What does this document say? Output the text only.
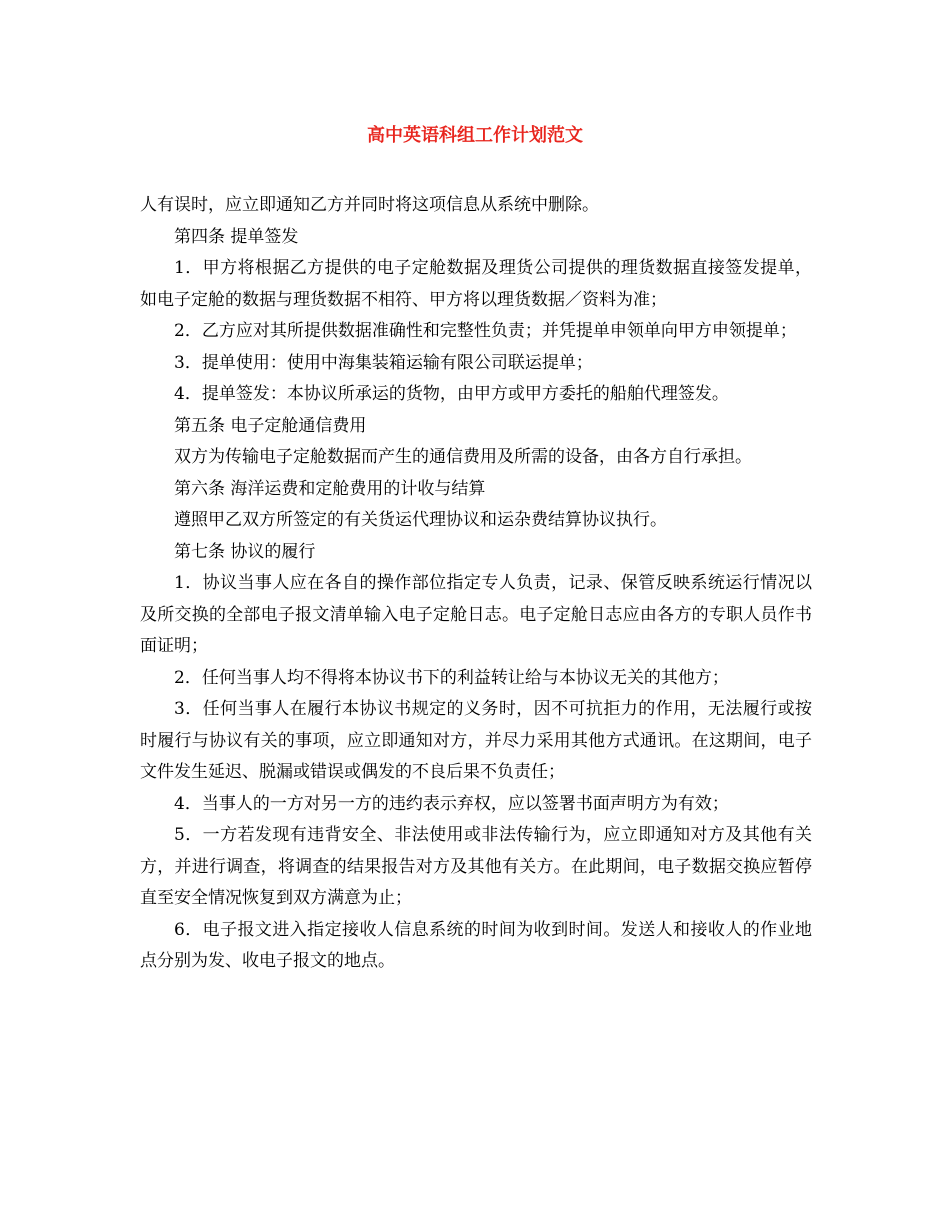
高中英语科组工作计划范文

人有误时，应立即通知乙方并同时将这项信息从系统中删除。

第四条 提单签发

1．甲方将根据乙方提供的电子定舱数据及理货公司提供的理货数据直接签发提单，如电子定舱的数据与理货数据不相符、甲方将以理货数据／资料为准；

2．乙方应对其所提供数据准确性和完整性负责；并凭提单申领单向甲方申领提单；

3．提单使用：使用中海集装箱运输有限公司联运提单；

4．提单签发：本协议所承运的货物，由甲方或甲方委托的船舶代理签发。

第五条 电子定舱通信费用

双方为传输电子定舱数据而产生的通信费用及所需的设备，由各方自行承担。

第六条 海洋运费和定舱费用的计收与结算

遵照甲乙双方所签定的有关货运代理协议和运杂费结算协议执行。

第七条 协议的履行

1．协议当事人应在各自的操作部位指定专人负责，记录、保管反映系统运行情况以及所交换的全部电子报文清单输入电子定舱日志。电子定舱日志应由各方的专职人员作书面证明；

2．任何当事人均不得将本协议书下的利益转让给与本协议无关的其他方；

3．任何当事人在履行本协议书规定的义务时，因不可抗拒力的作用，无法履行或按时履行与协议有关的事项，应立即通知对方，并尽力采用其他方式通讯。在这期间，电子文件发生延迟、脱漏或错误或偶发的不良后果不负责任；

4．当事人的一方对另一方的违约表示弃权，应以签署书面声明方为有效；

5．一方若发现有违背安全、非法使用或非法传输行为，应立即通知对方及其他有关方，并进行调查，将调查的结果报告对方及其他有关方。在此期间，电子数据交换应暂停直至安全情况恢复到双方满意为止；

6．电子报文进入指定接收人信息系统的时间为收到时间。发送人和接收人的作业地点分别为发、收电子报文的地点。
